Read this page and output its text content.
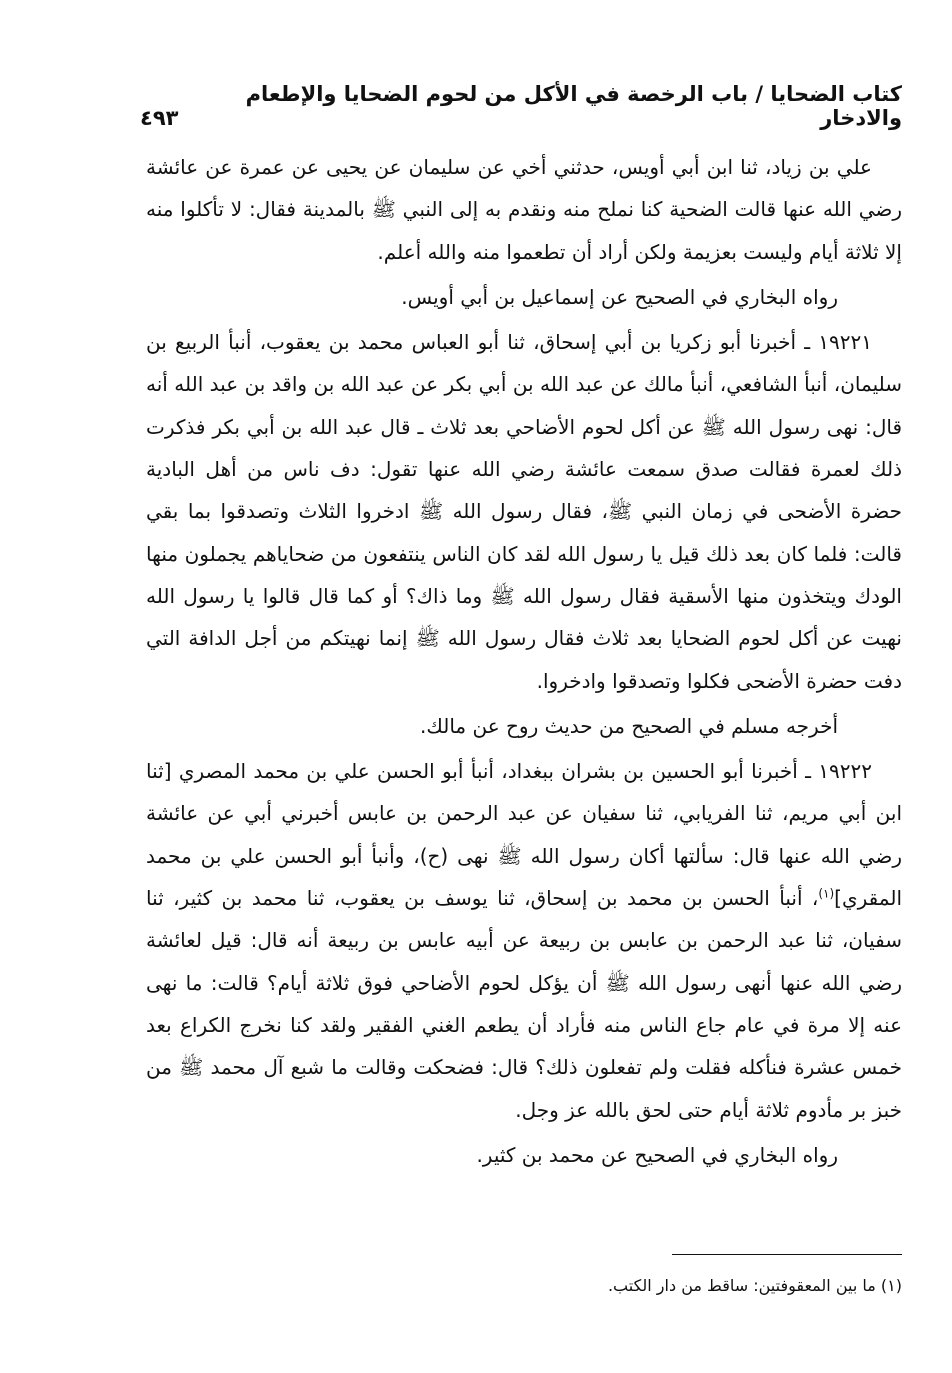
كتاب الضحايا / باب الرخصة في الأكل من لحوم الضحايا والإطعام والادخار
٤٩٣

علي بن زياد، ثنا ابن أبي أويس، حدثني أخي عن سليمان عن يحيى عن عمرة عن عائشة رضي الله عنها قالت الضحية كنا نملح منه ونقدم به إلى النبي ﷺ بالمدينة فقال: لا تأكلوا منه إلا ثلاثة أيام وليست بعزيمة ولكن أراد أن تطعموا منه والله أعلم.

رواه البخاري في الصحيح عن إسماعيل بن أبي أويس.

١٩٢٢١ ـ أخبرنا أبو زكريا بن أبي إسحاق، ثنا أبو العباس محمد بن يعقوب، أنبأ الربيع بن سليمان، أنبأ الشافعي، أنبأ مالك عن عبد الله بن أبي بكر عن عبد الله بن واقد بن عبد الله أنه قال: نهى رسول الله ﷺ عن أكل لحوم الأضاحي بعد ثلاث ـ قال عبد الله بن أبي بكر فذكرت ذلك لعمرة فقالت صدق سمعت عائشة رضي الله عنها تقول: دف ناس من أهل البادية حضرة الأضحى في زمان النبي ﷺ، فقال رسول الله ﷺ ادخروا الثلاث وتصدقوا بما بقي قالت: فلما كان بعد ذلك قيل يا رسول الله لقد كان الناس ينتفعون من ضحاياهم يجملون منها الودك ويتخذون منها الأسقية فقال رسول الله ﷺ وما ذاك؟ أو كما قال قالوا يا رسول الله نهيت عن أكل لحوم الضحايا بعد ثلاث فقال رسول الله ﷺ إنما نهيتكم من أجل الدافة التي دفت حضرة الأضحى فكلوا وتصدقوا وادخروا.

أخرجه مسلم في الصحيح من حديث روح عن مالك.

١٩٢٢٢ ـ أخبرنا أبو الحسين بن بشران ببغداد، أنبأ أبو الحسن علي بن محمد المصري [ثنا ابن أبي مريم، ثنا الفريابي، ثنا سفيان عن عبد الرحمن بن عابس أخبرني أبي عن عائشة رضي الله عنها قال: سألتها أكان رسول الله ﷺ نهى (ح)، وأنبأ أبو الحسن علي بن محمد المقري]$^{(١)}$، أنبأ الحسن بن محمد بن إسحاق، ثنا يوسف بن يعقوب، ثنا محمد بن كثير، ثنا سفيان، ثنا عبد الرحمن بن عابس بن ربيعة عن أبيه عابس بن ربيعة أنه قال: قيل لعائشة رضي الله عنها أنهى رسول الله ﷺ أن يؤكل لحوم الأضاحي فوق ثلاثة أيام؟ قالت: ما نهى عنه إلا مرة في عام جاع الناس منه فأراد أن يطعم الغني الفقير ولقد كنا نخرج الكراع بعد خمس عشرة فنأكله فقلت ولم تفعلون ذلك؟ قال: فضحكت وقالت ما شبع آل محمد ﷺ من خبز بر مأدوم ثلاثة أيام حتى لحق بالله عز وجل.

رواه البخاري في الصحيح عن محمد بن كثير.

(١) ما بين المعقوفتين: ساقط من دار الكتب.
